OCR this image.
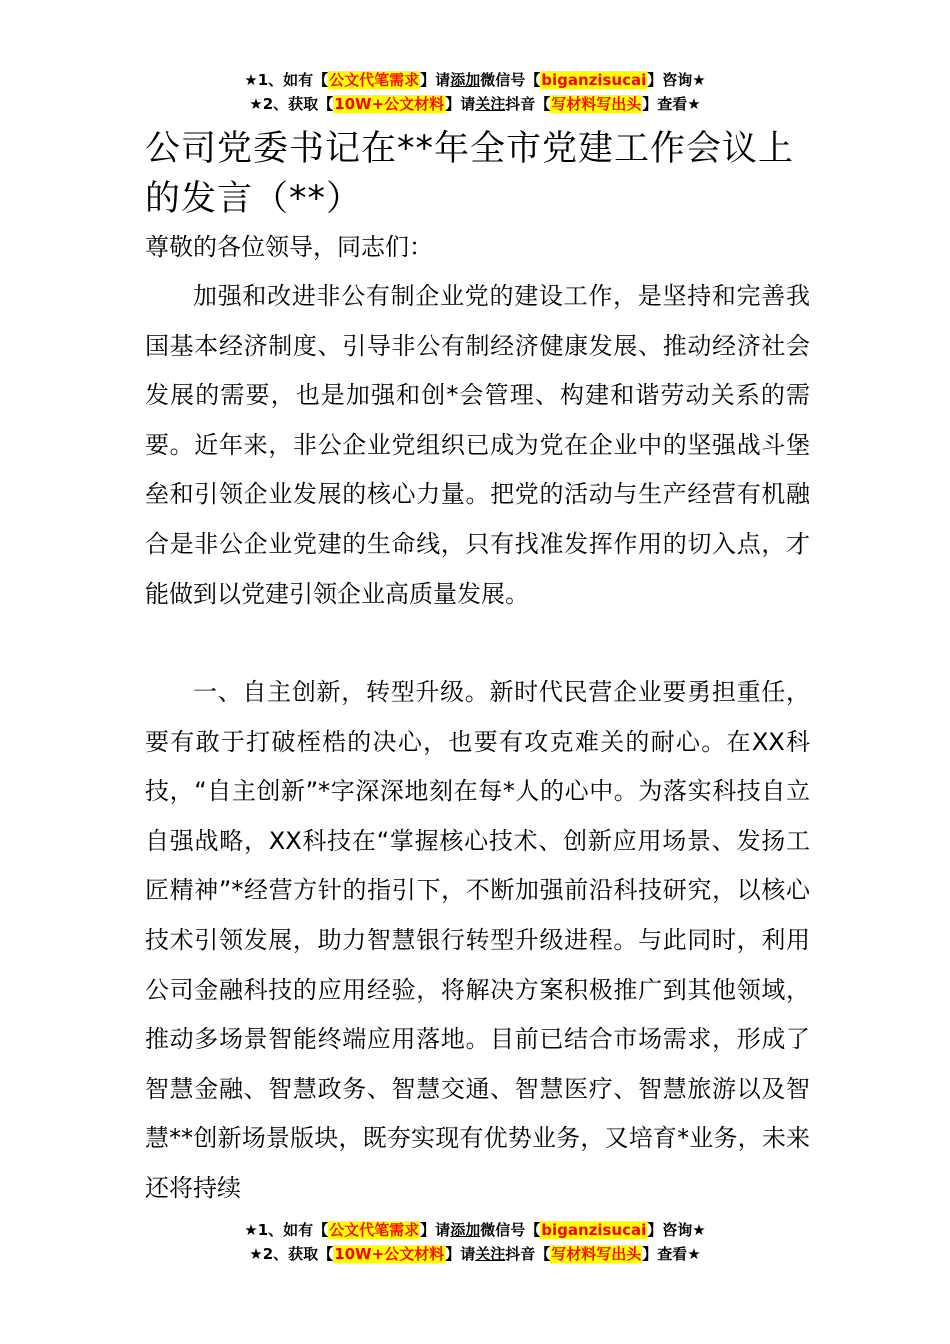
★1、如有【公文代笔需求】请添加微信号【biganzisucai】咨询★
★2、获取【10W+公文材料】请关注抖音【写材料写出头】查看★
公司党委书记在**年全市党建工作会议上的发言（**）
尊敬的各位领导，同志们：
加强和改进非公有制企业党的建设工作，是坚持和完善我国基本经济制度、引导非公有制经济健康发展、推动经济社会发展的需要，也是加强和创*会管理、构建和谐劳动关系的需要。近年来，非公企业党组织已成为党在企业中的坚强战斗堡垒和引领企业发展的核心力量。把党的活动与生产经营有机融合是非公企业党建的生命线，只有找准发挥作用的切入点，才能做到以党建引领企业高质量发展。
一、自主创新，转型升级。新时代民营企业要勇担重任，要有敢于打破桎梏的决心，也要有攻克难关的耐心。在XX科技，“自主创新”*字深深地刻在每*人的心中。为落实科技自立自强战略，XX科技在“掌握核心技术、创新应用场景、发扬工匠精神”*经营方针的指引下，不断加强前沿科技研究，以核心技术引领发展，助力智慧银行转型升级进程。与此同时，利用公司金融科技的应用经验，将解决方案积极推广到其他领域，推动多场景智能终端应用落地。目前已结合市场需求，形成了智慧金融、智慧政务、智慧交通、智慧医疗、智慧旅游以及智慧**创新场景版块，既夯实现有优势业务，又培育*业务，未来还将持续
★1、如有【公文代笔需求】请添加微信号【biganzisucai】咨询★
★2、获取【10W+公文材料】请关注抖音【写材料写出头】查看★
